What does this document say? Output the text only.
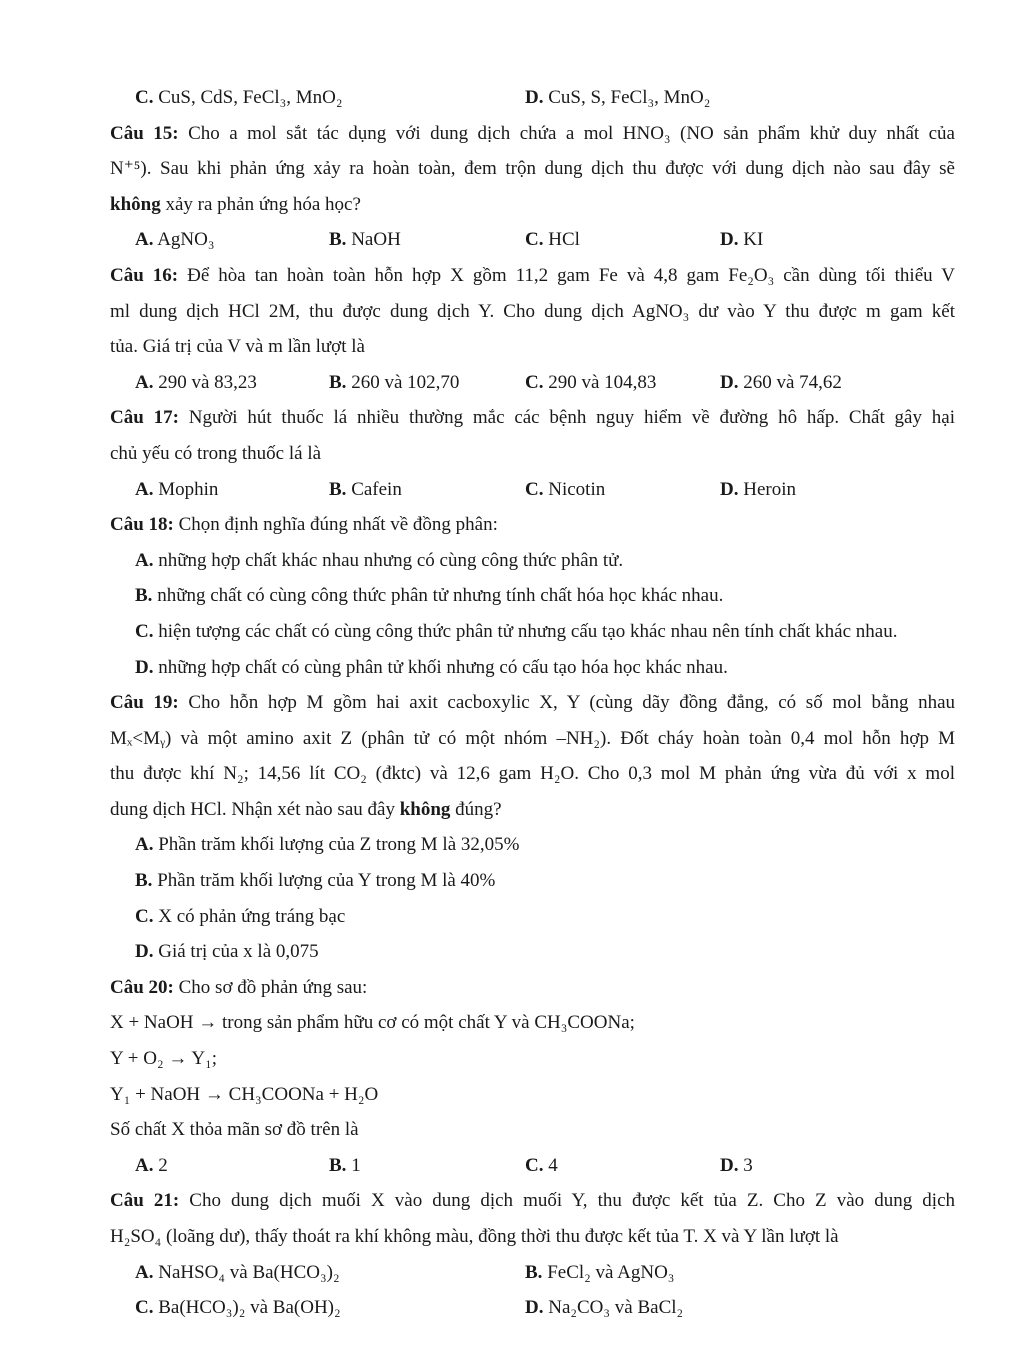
C. CuS, CdS, FeCl₃, MnO₂	D. CuS, S, FeCl₃, MnO₂
Câu 15: Cho a mol sắt tác dụng với dung dịch chứa a mol HNO₃ (NO sản phẩm khử duy nhất của
N⁺⁵). Sau khi phản ứng xảy ra hoàn toàn, đem trộn dung dịch thu được với dung dịch nào sau đây sẽ
không xảy ra phản ứng hóa học?
A. AgNO₃	B. NaOH	C. HCl	D. KI
Câu 16: Để hòa tan hoàn toàn hỗn hợp X gồm 11,2 gam Fe và 4,8 gam Fe₂O₃ cần dùng tối thiểu V
ml dung dịch HCl 2M, thu được dung dịch Y. Cho dung dịch AgNO₃ dư vào Y thu được m gam kết
tủa. Giá trị của V và m lần lượt là
A. 290 và 83,23	B. 260 và 102,70	C. 290 và 104,83	D. 260 và 74,62
Câu 17: Người hút thuốc lá nhiều thường mắc các bệnh nguy hiểm về đường hô hấp. Chất gây hại
chủ yếu có trong thuốc lá là
A. Mophin	B. Cafein	C. Nicotin	D. Heroin
Câu 18: Chọn định nghĩa đúng nhất về đồng phân:
A. những hợp chất khác nhau nhưng có cùng công thức phân tử.
B. những chất có cùng công thức phân tử nhưng tính chất hóa học khác nhau.
C. hiện tượng các chất có cùng công thức phân tử nhưng cấu tạo khác nhau nên tính chất khác nhau.
D. những hợp chất có cùng phân tử khối nhưng có cấu tạo hóa học khác nhau.
Câu 19: Cho hỗn hợp M gồm hai axit cacboxylic X, Y (cùng dãy đồng đẳng, có số mol bằng nhau
Mₓ<Mᵧ) và một amino axit Z (phân tử có một nhóm –NH₂). Đốt cháy hoàn toàn 0,4 mol hỗn hợp M
thu được khí N₂; 14,56 lít CO₂ (đktc) và 12,6 gam H₂O. Cho 0,3 mol M phản ứng vừa đủ với x mol
dung dịch HCl. Nhận xét nào sau đây không đúng?
A. Phần trăm khối lượng của Z trong M là 32,05%
B. Phần trăm khối lượng của Y trong M là 40%
C. X có phản ứng tráng bạc
D. Giá trị của x là 0,075
Câu 20: Cho sơ đồ phản ứng sau:
X + NaOH → trong sản phẩm hữu cơ có một chất Y và CH₃COONa;
Y + O₂ → Y₁;
Y₁ + NaOH → CH₃COONa + H₂O
Số chất X thỏa mãn sơ đồ trên là
A. 2	B. 1	C. 4	D. 3
Câu 21: Cho dung dịch muối X vào dung dịch muối Y, thu được kết tủa Z. Cho Z vào dung dịch
H₂SO₄ (loãng dư), thấy thoát ra khí không màu, đồng thời thu được kết tủa T. X và Y lần lượt là
A. NaHSO₄ và Ba(HCO₃)₂	B. FeCl₂ và AgNO₃
C. Ba(HCO₃)₂ và Ba(OH)₂	D. Na₂CO₃ và BaCl₂
